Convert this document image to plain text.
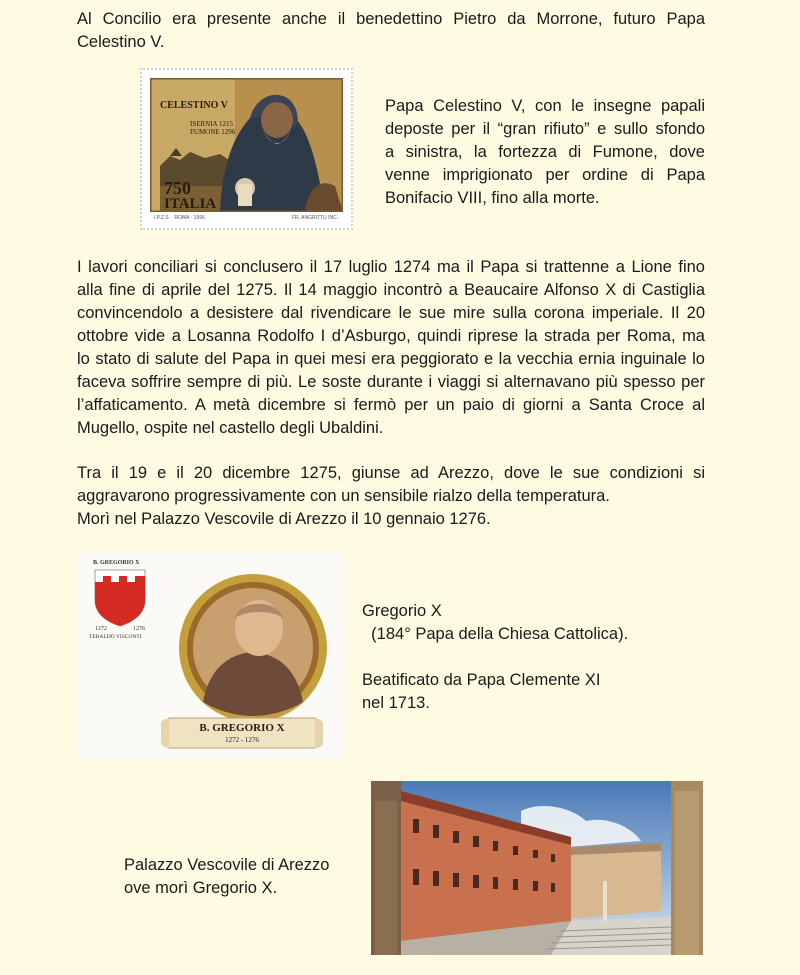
Al Concilio era presente anche il benedettino Pietro da Morrone, futuro Papa
Celestino V.
CELESTINO V
ISERNIA 1215
FUMONE 1296
750
ITALIA
I.P.Z.S. · ROMA · 1996	FR. ANGRITTU INC.
Papa Celestino V, con le insegne papali
deposte per il “gran rifiuto” e sullo sfondo
a sinistra, la fortezza di Fumone, dove
venne imprigionato per ordine di Papa
Bonifacio VIII, fino alla morte.
I lavori conciliari si conclusero il 17 luglio 1274 ma il Papa si trattenne a Lione fino
alla fine di aprile del 1275. Il 14 maggio incontrò a Beaucaire Alfonso X di Castiglia
convincendolo a desistere dal rivendicare le sue mire sulla corona imperiale. Il 20
ottobre vide a Losanna Rodolfo I d’Asburgo, quindi riprese la strada per Roma, ma
lo stato di salute del Papa in quei mesi era peggiorato e la vecchia ernia inguinale lo
faceva soffrire sempre di più. Le soste durante i viaggi si alternavano più spesso per
l’affaticamento. A metà dicembre si fermò per un paio di giorni a Santa Croce al
Mugello, ospite nel castello degli Ubaldini.
Tra il 19 e il 20 dicembre 1275, giunse ad Arezzo, dove le sue condizioni si
aggravarono progressivamente con un sensibile rialzo della temperatura.
Morì nel Palazzo Vescovile di Arezzo il 10 gennaio 1276.
B. GREGORIO X
1272	1276
TEBALDO VISCONTI
B. GREGORIO X
1272 - 1276
Gregorio X
(184° Papa della Chiesa Cattolica).
Beatificato da Papa Clemente XI
nel 1713.
Palazzo Vescovile di Arezzo
ove morì Gregorio X.
